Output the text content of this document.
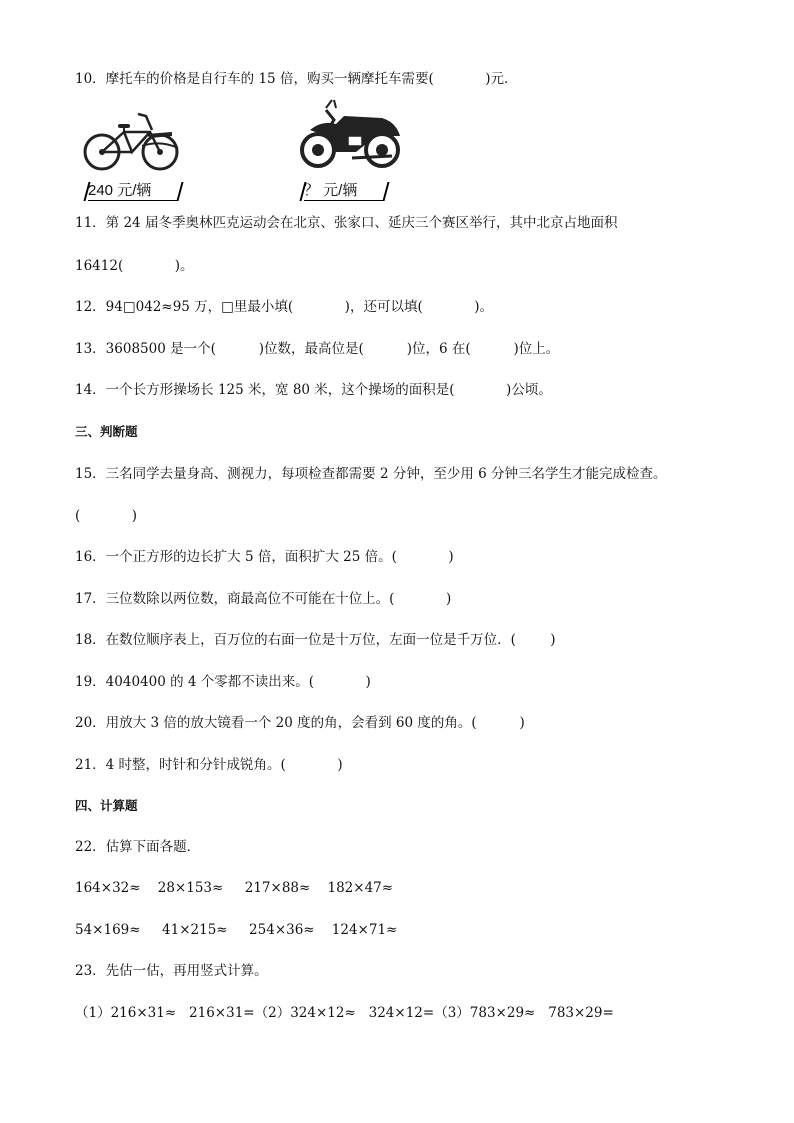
10．摩托车的价格是自行车的 15 倍，购买一辆摩托车需要(            )元．
240 元/辆	？ 元/辆
11．第 24 届冬季奥林匹克运动会在北京、张家口、延庆三个赛区举行，其中北京占地面积
16412(            )。
12．94□042≈95 万，□里最小填(            )，还可以填(            )。
13．3608500 是一个(          )位数，最高位是(          )位，6 在(          )位上。
14．一个长方形操场长 125 米，宽 80 米，这个操场的面积是(            )公顷。
三、判断题
15．三名同学去量身高、测视力，每项检查都需要 2 分钟，至少用 6 分钟三名学生才能完成检查。
(            )
16．一个正方形的边长扩大 5 倍，面积扩大 25 倍。(            )
17．三位数除以两位数，商最高位不可能在十位上。(            )
18．在数位顺序表上，百万位的右面一位是十万位，左面一位是千万位．(        )
19．4040400 的 4 个零都不读出来。(            )
20．用放大 3 倍的放大镜看一个 20 度的角，会看到 60 度的角。(          )
21．4 时整，时针和分针成锐角。(            )
四、计算题
22．估算下面各题．
164×32≈    28×153≈     217×88≈    182×47≈
54×169≈     41×215≈     254×36≈    124×71≈
23．先估一估，再用竖式计算。
（1）216×31≈   216×31=（2）324×12≈   324×12=（3）783×29≈   783×29=
